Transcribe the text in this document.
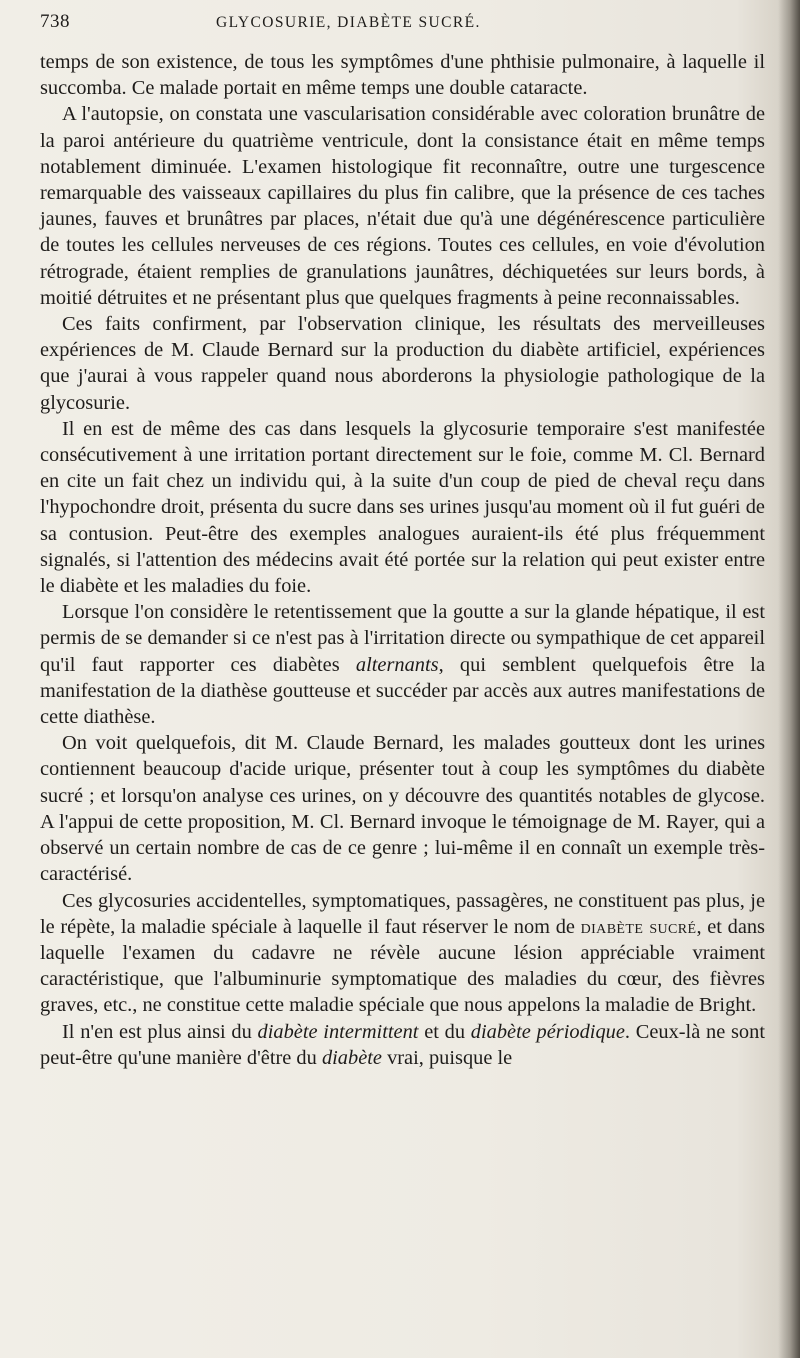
738	GLYCOSURIE, DIABÈTE SUCRÉ.

temps de son existence, de tous les symptômes d'une phthisie pulmonaire, à laquelle il succomba. Ce malade portait en même temps une double cataracte.

A l'autopsie, on constata une vascularisation considérable avec coloration brunâtre de la paroi antérieure du quatrième ventricule, dont la consistance était en même temps notablement diminuée. L'examen histologique fit reconnaître, outre une turgescence remarquable des vaisseaux capillaires du plus fin calibre, que la présence de ces taches jaunes, fauves et brunâtres par places, n'était due qu'à une dégénérescence particulière de toutes les cellules nerveuses de ces régions. Toutes ces cellules, en voie d'évolution rétrograde, étaient remplies de granulations jaunâtres, déchiquetées sur leurs bords, à moitié détruites et ne présentant plus que quelques fragments à peine reconnaissables.

Ces faits confirment, par l'observation clinique, les résultats des merveilleuses expériences de M. Claude Bernard sur la production du diabète artificiel, expériences que j'aurai à vous rappeler quand nous aborderons la physiologie pathologique de la glycosurie.

Il en est de même des cas dans lesquels la glycosurie temporaire s'est manifestée consécutivement à une irritation portant directement sur le foie, comme M. Cl. Bernard en cite un fait chez un individu qui, à la suite d'un coup de pied de cheval reçu dans l'hypochondre droit, présenta du sucre dans ses urines jusqu'au moment où il fut guéri de sa contusion. Peut-être des exemples analogues auraient-ils été plus fréquemment signalés, si l'attention des médecins avait été portée sur la relation qui peut exister entre le diabète et les maladies du foie.

Lorsque l'on considère le retentissement que la goutte a sur la glande hépatique, il est permis de se demander si ce n'est pas à l'irritation directe ou sympathique de cet appareil qu'il faut rapporter ces diabètes alternants, qui semblent quelquefois être la manifestation de la diathèse goutteuse et succéder par accès aux autres manifestations de cette diathèse.

On voit quelquefois, dit M. Claude Bernard, les malades goutteux dont les urines contiennent beaucoup d'acide urique, présenter tout à coup les symptômes du diabète sucré ; et lorsqu'on analyse ces urines, on y découvre des quantités notables de glycose. A l'appui de cette proposition, M. Cl. Bernard invoque le témoignage de M. Rayer, qui a observé un certain nombre de cas de ce genre ; lui-même il en connaît un exemple très-caractérisé.

Ces glycosuries accidentelles, symptomatiques, passagères, ne constituent pas plus, je le répète, la maladie spéciale à laquelle il faut réserver le nom de diabète sucré, et dans laquelle l'examen du cadavre ne révèle aucune lésion appréciable vraiment caractéristique, que l'albuminurie symptomatique des maladies du cœur, des fièvres graves, etc., ne constitue cette maladie spéciale que nous appelons la maladie de Bright.

Il n'en est plus ainsi du diabète intermittent et du diabète périodique. Ceux-là ne sont peut-être qu'une manière d'être du diabète vrai, puisque le
